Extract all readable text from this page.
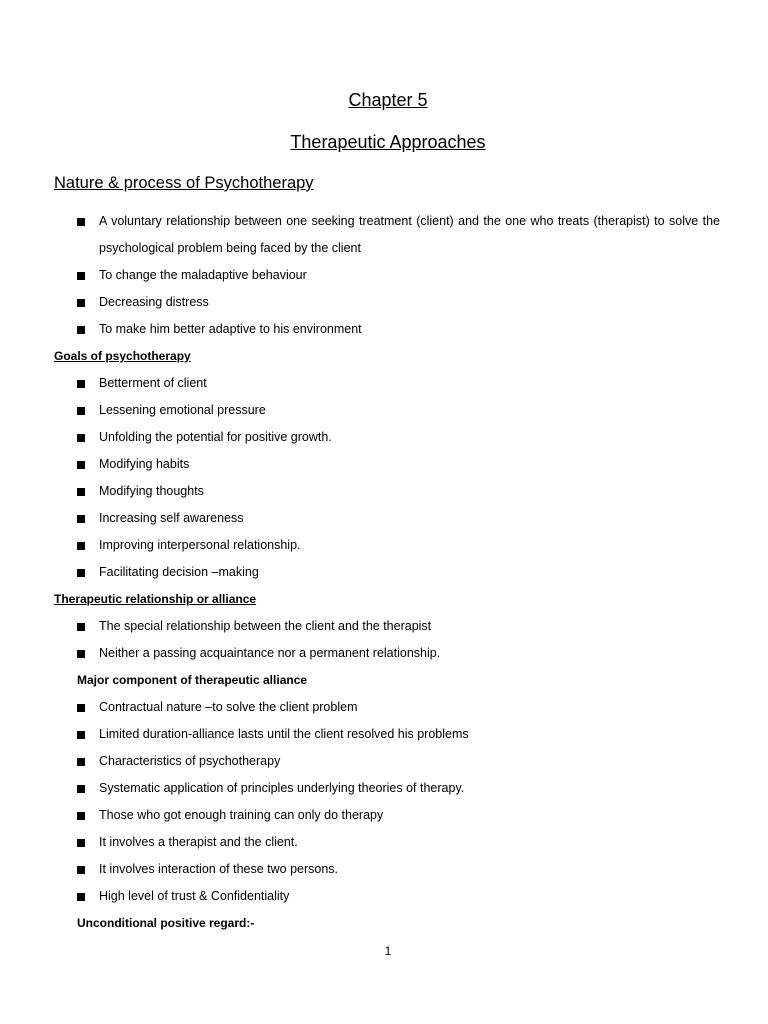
Chapter 5
Therapeutic Approaches
Nature & process of Psychotherapy
A voluntary relationship between one seeking treatment (client) and the one who treats (therapist) to solve the psychological problem being faced by the client
To change the maladaptive behaviour
Decreasing distress
To make him better adaptive to his environment
Goals of psychotherapy
Betterment of client
Lessening emotional pressure
Unfolding the potential for positive growth.
Modifying habits
Modifying thoughts
Increasing self awareness
Improving interpersonal relationship.
Facilitating decision –making
Therapeutic relationship or alliance
The special relationship between the client and the therapist
Neither a passing acquaintance nor a permanent relationship.
Major component of therapeutic alliance
Contractual nature –to solve the client problem
Limited duration-alliance lasts until the client resolved his problems
Characteristics of psychotherapy
Systematic application of principles underlying theories of therapy.
Those who got enough training can only do therapy
It involves a therapist and the client.
It involves interaction of these two persons.
High level of trust & Confidentiality
Unconditional positive regard:-
1
